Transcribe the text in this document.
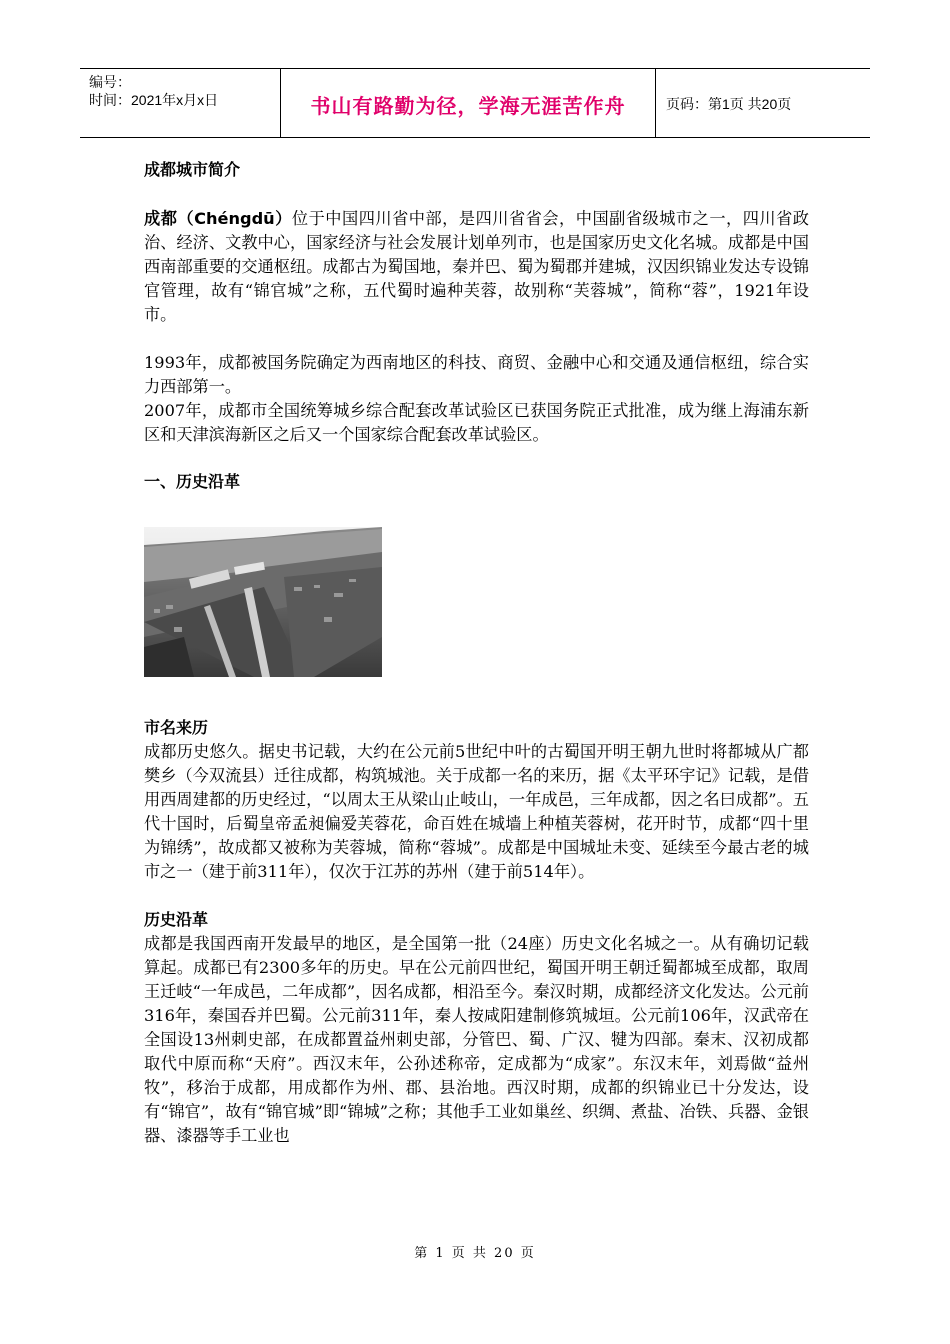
编号：
时间：2021年x月x日	书山有路勤为径，学海无涯苦作舟	页码：第1页 共20页

成都城市简介

成都（Chéngdū）位于中国四川省中部，是四川省省会，中国副省级城市之一，四川省政治、经济、文教中心，国家经济与社会发展计划单列市，也是国家历史文化名城。成都是中国西南部重要的交通枢纽。成都古为蜀国地，秦并巴、蜀为蜀郡并建城，汉因织锦业发达专设锦官管理，故有“锦官城”之称，五代蜀时遍种芙蓉，故别称“芙蓉城”，简称“蓉”，1921年设市。

1993年，成都被国务院确定为西南地区的科技、商贸、金融中心和交通及通信枢纽，综合实力西部第一。

2007年，成都市全国统筹城乡综合配套改革试验区已获国务院正式批准，成为继上海浦东新区和天津滨海新区之后又一个国家综合配套改革试验区。

一、历史沿革

市名来历

成都历史悠久。据史书记载，大约在公元前5世纪中叶的古蜀国开明王朝九世时将都城从广都樊乡（今双流县）迁往成都，构筑城池。关于成都一名的来历，据《太平环宇记》记载，是借用西周建都的历史经过，“以周太王从梁山止岐山，一年成邑，三年成都，因之名曰成都”。五代十国时，后蜀皇帝孟昶偏爱芙蓉花，命百姓在城墙上种植芙蓉树，花开时节，成都“四十里为锦绣”，故成都又被称为芙蓉城，简称“蓉城”。成都是中国城址未变、延续至今最古老的城市之一（建于前311年），仅次于江苏的苏州（建于前514年）。

历史沿革

成都是我国西南开发最早的地区，是全国第一批（24座）历史文化名城之一。从有确切记载算起。成都已有2300多年的历史。早在公元前四世纪，蜀国开明王朝迁蜀都城至成都，取周王迁岐“一年成邑，二年成都”，因名成都，相沿至今。秦汉时期，成都经济文化发达。公元前316年，秦国吞并巴蜀。公元前311年，秦人按咸阳建制修筑城垣。公元前106年，汉武帝在全国设13州刺史部，在成都置益州刺史部，分管巴、蜀、广汉、犍为四部。秦末、汉初成都取代中原而称“天府”。西汉末年，公孙述称帝，定成都为“成家”。东汉末年，刘焉做“益州牧”，移治于成都，用成都作为州、郡、县治地。西汉时期，成都的织锦业已十分发达，设有“锦官”，故有“锦官城”即“锦城”之称；其他手工业如巢丝、织绸、煮盐、冶铁、兵器、金银器、漆器等手工业也

第 1 页 共 20 页
